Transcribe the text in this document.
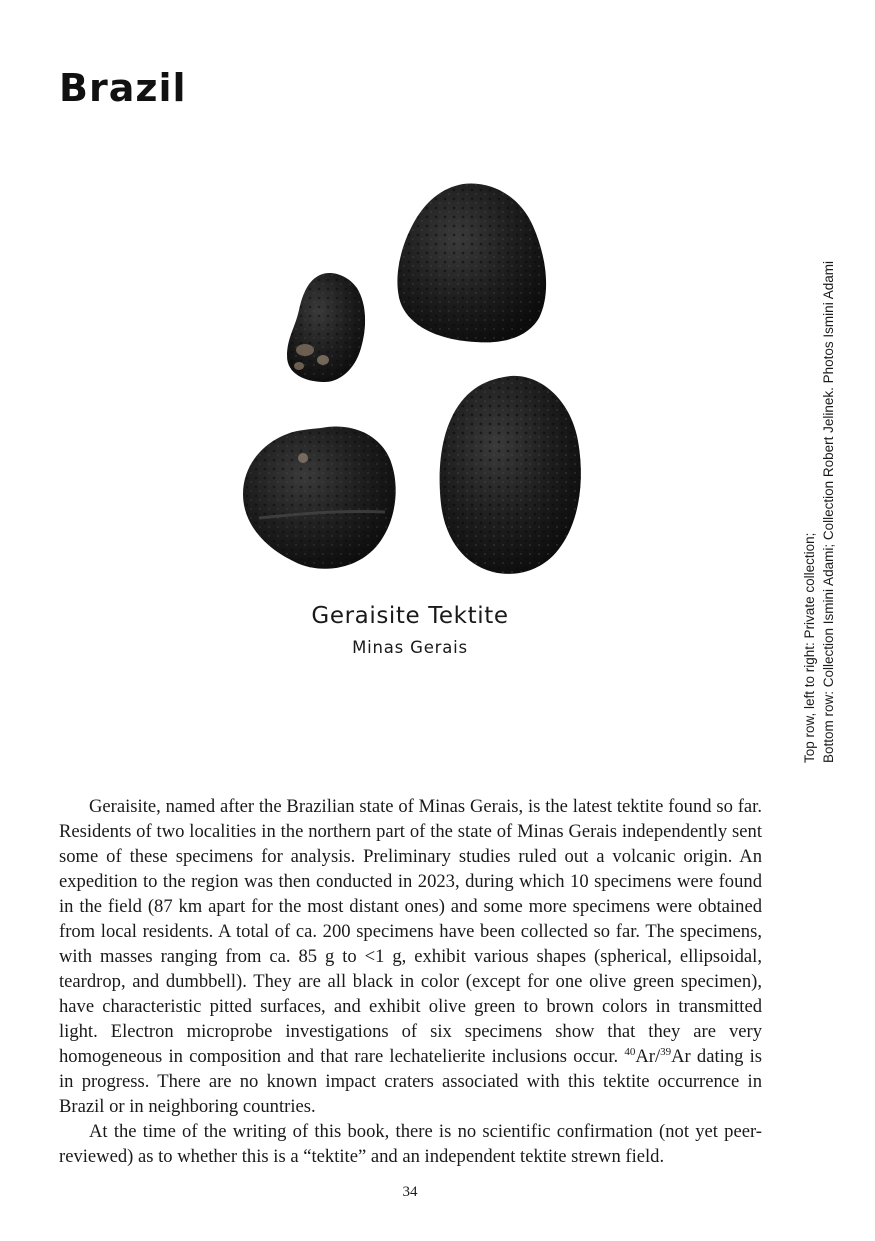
Brazil
Geraisite Tektite
Minas Gerais	Top row, left to right: Private collection; Bottom row: Collection Ismini Adami; Collection Robert Jelinek. Photos Ismini Adami

Geraisite, named after the Brazilian state of Minas Gerais, is the latest tektite found so far. Residents of two localities in the northern part of the state of Minas Gerais independently sent some of these specimens for analysis. Preliminary studies ruled out a volcanic origin. An expedition to the region was then conducted in 2023, during which 10 specimens were found in the field (87 km apart for the most distant ones) and some more specimens were obtained from local residents. A total of ca. 200 specimens have been collected so far. The specimens, with masses ranging from ca. 85 g to <1 g, exhibit various shapes (spherical, ellipsoidal, teardrop, and dumbbell). They are all black in color (except for one olive green specimen), have characteristic pitted surfaces, and exhibit olive green to brown colors in transmitted light. Electron microprobe investigations of six specimens show that they are very homogeneous in composition and that rare lechatelierite inclusions occur. $^{40}$Ar/$^{39}$Ar dating is in progress. There are no known impact craters associated with this tektite occurrence in Brazil or in neighboring countries.

At the time of the writing of this book, there is no scientific confirmation (not yet peer-reviewed) as to whether this is a “tektite” and an independent tektite strewn field.

34
